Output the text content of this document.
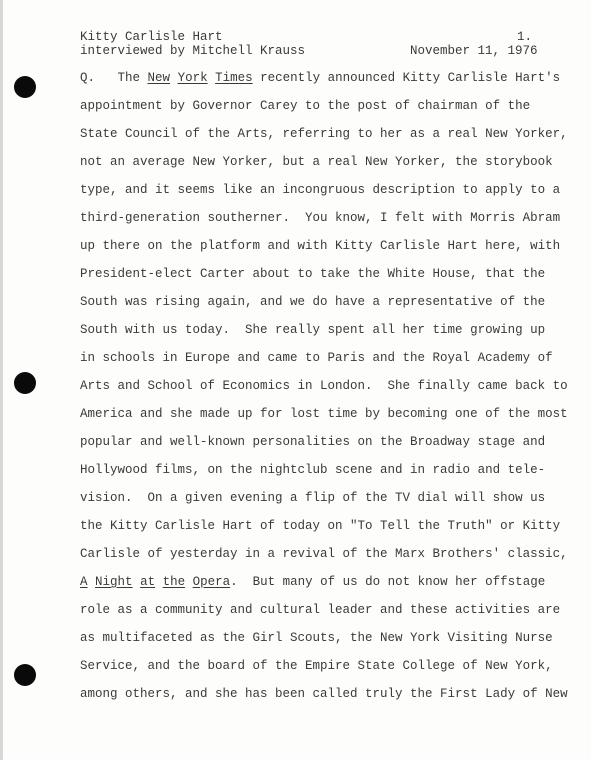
Kitty Carlisle Hart
interviewed by Mitchell Krauss
1.
November 11, 1976
Q. The New York Times recently announced Kitty Carlisle Hart's
appointment by Governor Carey to the post of chairman of the
State Council of the Arts, referring to her as a real New Yorker,
not an average New Yorker, but a real New Yorker, the storybook
type, and it seems like an incongruous description to apply to a
third-generation southerner.  You know, I felt with Morris Abram
up there on the platform and with Kitty Carlisle Hart here, with
President-elect Carter about to take the White House, that the
South was rising again, and we do have a representative of the
South with us today.  She really spent all her time growing up
in schools in Europe and came to Paris and the Royal Academy of
Arts and School of Economics in London.  She finally came back to
America and she made up for lost time by becoming one of the most
popular and well-known personalities on the Broadway stage and
Hollywood films, on the nightclub scene and in radio and tele-
vision.  On a given evening a flip of the TV dial will show us
the Kitty Carlisle Hart of today on "To Tell the Truth" or Kitty
Carlisle of yesterday in a revival of the Marx Brothers' classic,
A Night at the Opera.  But many of us do not know her offstage
role as a community and cultural leader and these activities are
as multifaceted as the Girl Scouts, the New York Visiting Nurse
Service, and the board of the Empire State College of New York,
among others, and she has been called truly the First Lady of New
